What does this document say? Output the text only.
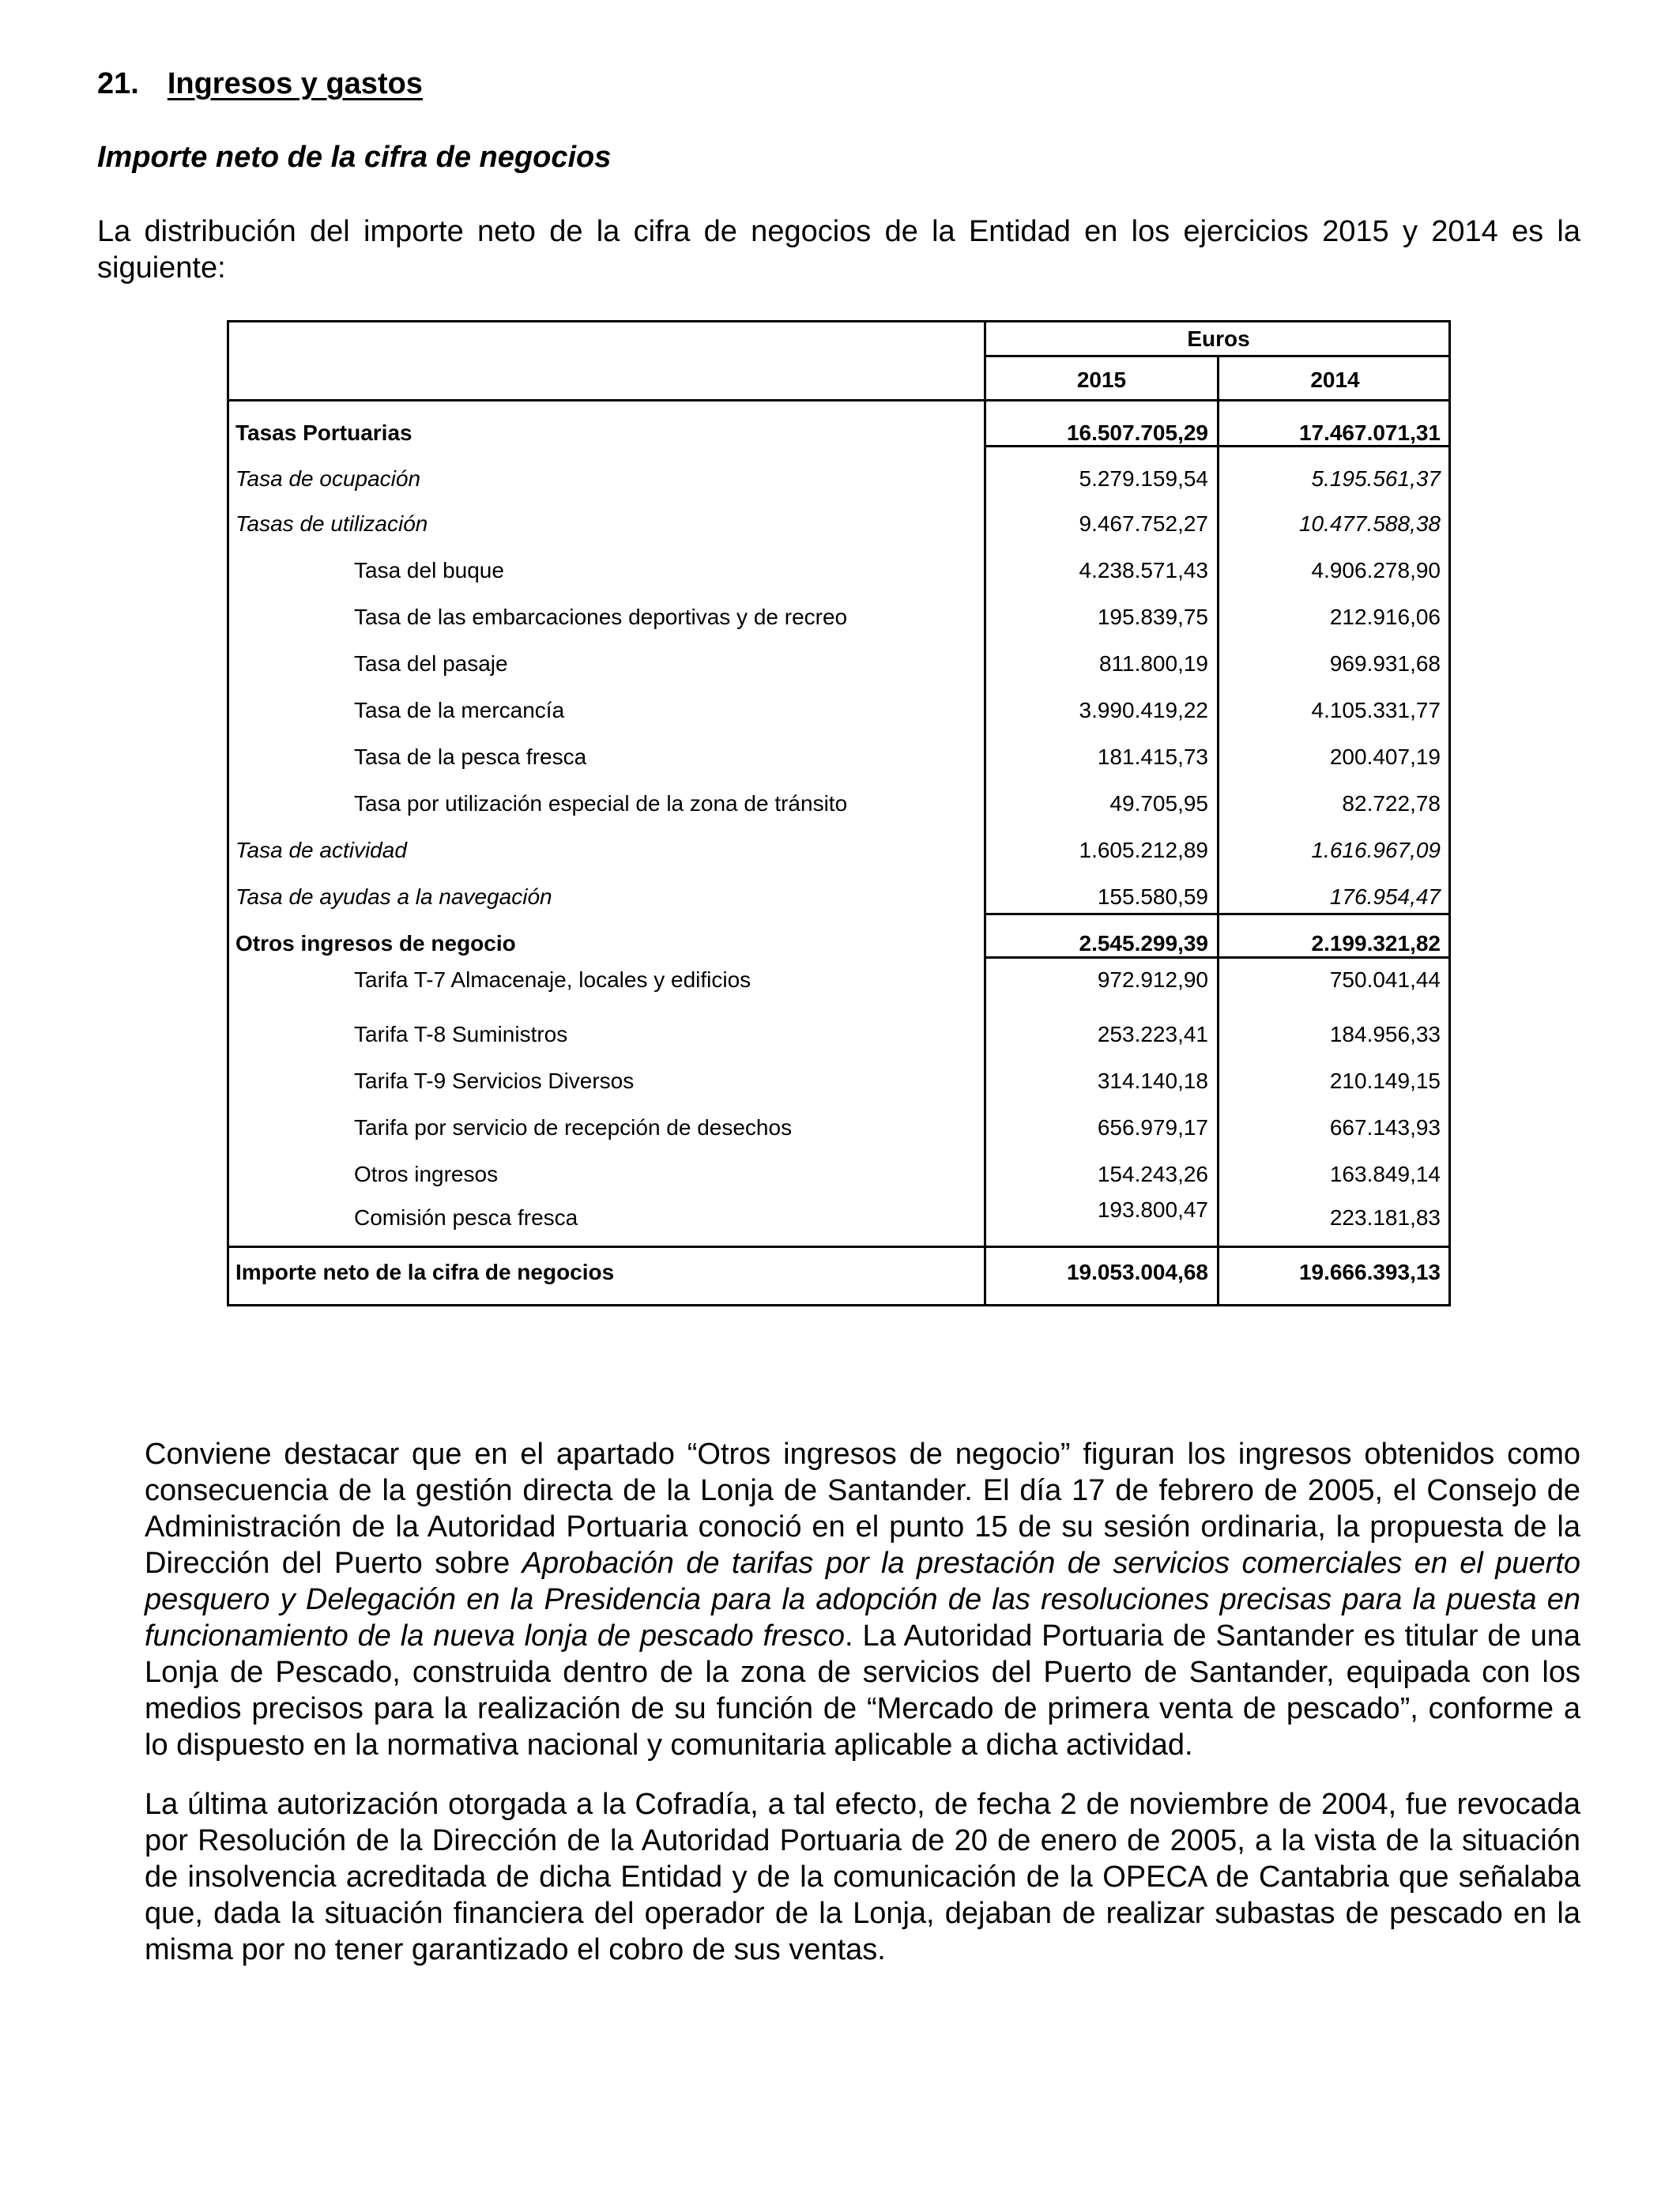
21. Ingresos y gastos
Importe neto de la cifra de negocios

La distribución del importe neto de la cifra de negocios de la Entidad en los ejercicios 2015 y 2014 es la siguiente:

Euros
2015	2014
Tasas Portuarias	16.507.705,29	17.467.071,31
Tasa de ocupación	5.279.159,54	5.195.561,37
Tasas de utilización	9.467.752,27	10.477.588,38
Tasa del buque	4.238.571,43	4.906.278,90
Tasa de las embarcaciones deportivas y de recreo	195.839,75	212.916,06
Tasa del pasaje	811.800,19	969.931,68
Tasa de la mercancía	3.990.419,22	4.105.331,77
Tasa de la pesca fresca	181.415,73	200.407,19
Tasa por utilización especial de la zona de tránsito	49.705,95	82.722,78
Tasa de actividad	1.605.212,89	1.616.967,09
Tasa de ayudas a la navegación	155.580,59	176.954,47
Otros ingresos de negocio	2.545.299,39	2.199.321,82
Tarifa T-7 Almacenaje, locales y edificios	972.912,90	750.041,44
Tarifa T-8 Suministros	253.223,41	184.956,33
Tarifa T-9 Servicios Diversos	314.140,18	210.149,15
Tarifa por servicio de recepción de desechos	656.979,17	667.143,93
Otros ingresos	154.243,26	163.849,14
Comisión pesca fresca	193.800,47	223.181,83
Importe neto de la cifra de negocios	19.053.004,68	19.666.393,13

Conviene destacar que en el apartado “Otros ingresos de negocio” figuran los ingresos obtenidos como consecuencia de la gestión directa de la Lonja de Santander. El día 17 de febrero de 2005, el Consejo de Administración de la Autoridad Portuaria conoció en el punto 15 de su sesión ordinaria, la propuesta de la Dirección del Puerto sobre Aprobación de tarifas por la prestación de servicios comerciales en el puerto pesquero y Delegación en la Presidencia para la adopción de las resoluciones precisas para la puesta en funcionamiento de la nueva lonja de pescado fresco. La Autoridad Portuaria de Santander es titular de una Lonja de Pescado, construida dentro de la zona de servicios del Puerto de Santander, equipada con los medios precisos para la realización de su función de “Mercado de primera venta de pescado”, conforme a lo dispuesto en la normativa nacional y comunitaria aplicable a dicha actividad.

La última autorización otorgada a la Cofradía, a tal efecto, de fecha 2 de noviembre de 2004, fue revocada por Resolución de la Dirección de la Autoridad Portuaria de 20 de enero de 2005, a la vista de la situación de insolvencia acreditada de dicha Entidad y de la comunicación de la OPECA de Cantabria que señalaba que, dada la situación financiera del operador de la Lonja, dejaban de realizar subastas de pescado en la misma por no tener garantizado el cobro de sus ventas.
